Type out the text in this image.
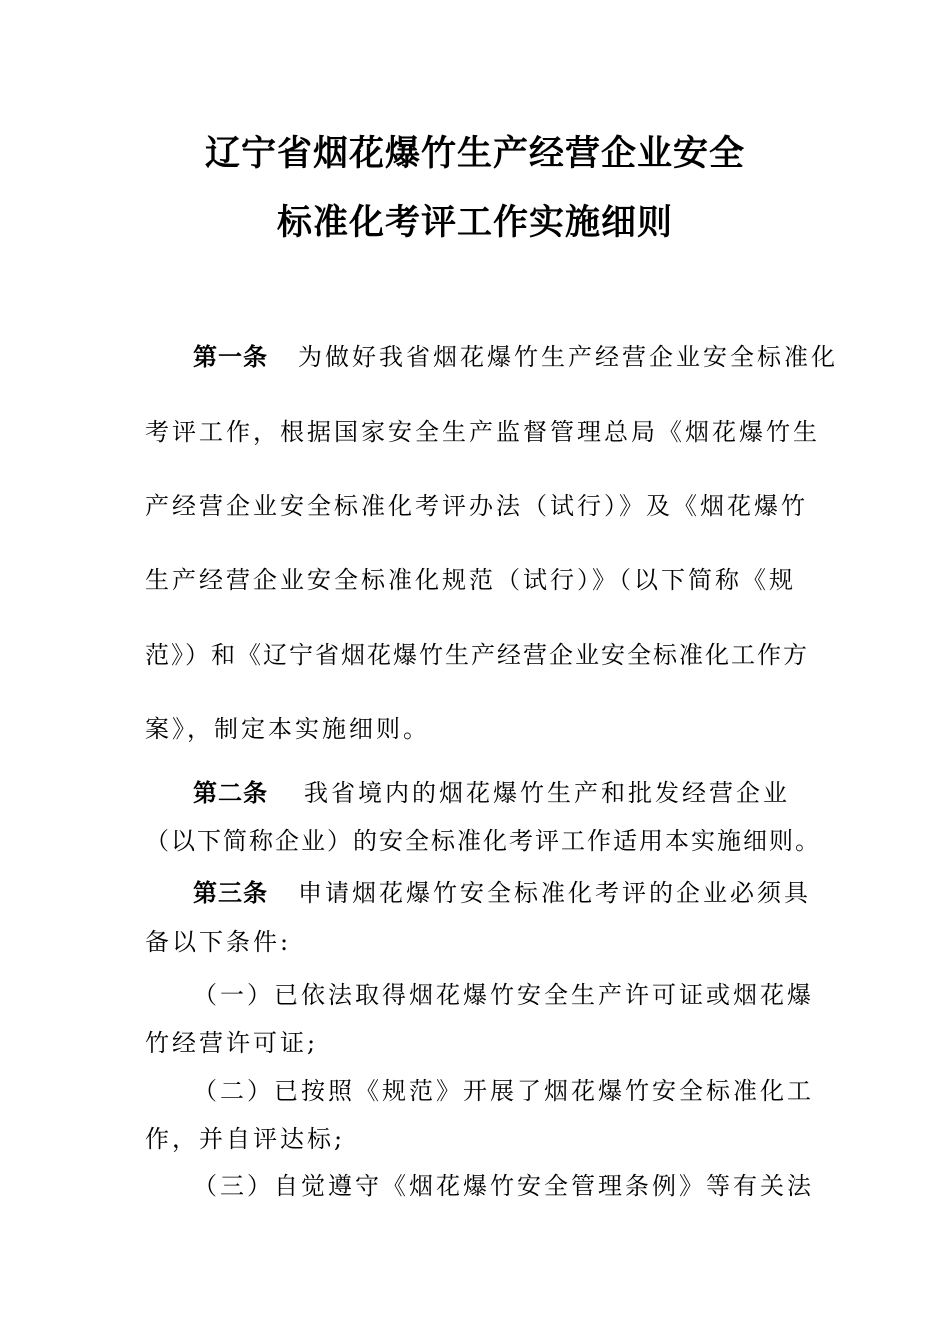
辽宁省烟花爆竹生产经营企业安全
标准化考评工作实施细则
第一条 为做好我省烟花爆竹生产经营企业安全标准化
考评工作，根据国家安全生产监督管理总局《烟花爆竹生
产经营企业安全标准化考评办法（试行）》及《烟花爆竹
生产经营企业安全标准化规范（试行）》（以下简称《规
范》）和《辽宁省烟花爆竹生产经营企业安全标准化工作方
案》，制定本实施细则。
第二条 我省境内的烟花爆竹生产和批发经营企业
（以下简称企业）的安全标准化考评工作适用本实施细则。
第三条 申请烟花爆竹安全标准化考评的企业必须具
备以下条件:
（一）已依法取得烟花爆竹安全生产许可证或烟花爆
竹经营许可证;
（二）已按照《规范》开展了烟花爆竹安全标准化工
作，并自评达标;
（三）自觉遵守《烟花爆竹安全管理条例》等有关法
